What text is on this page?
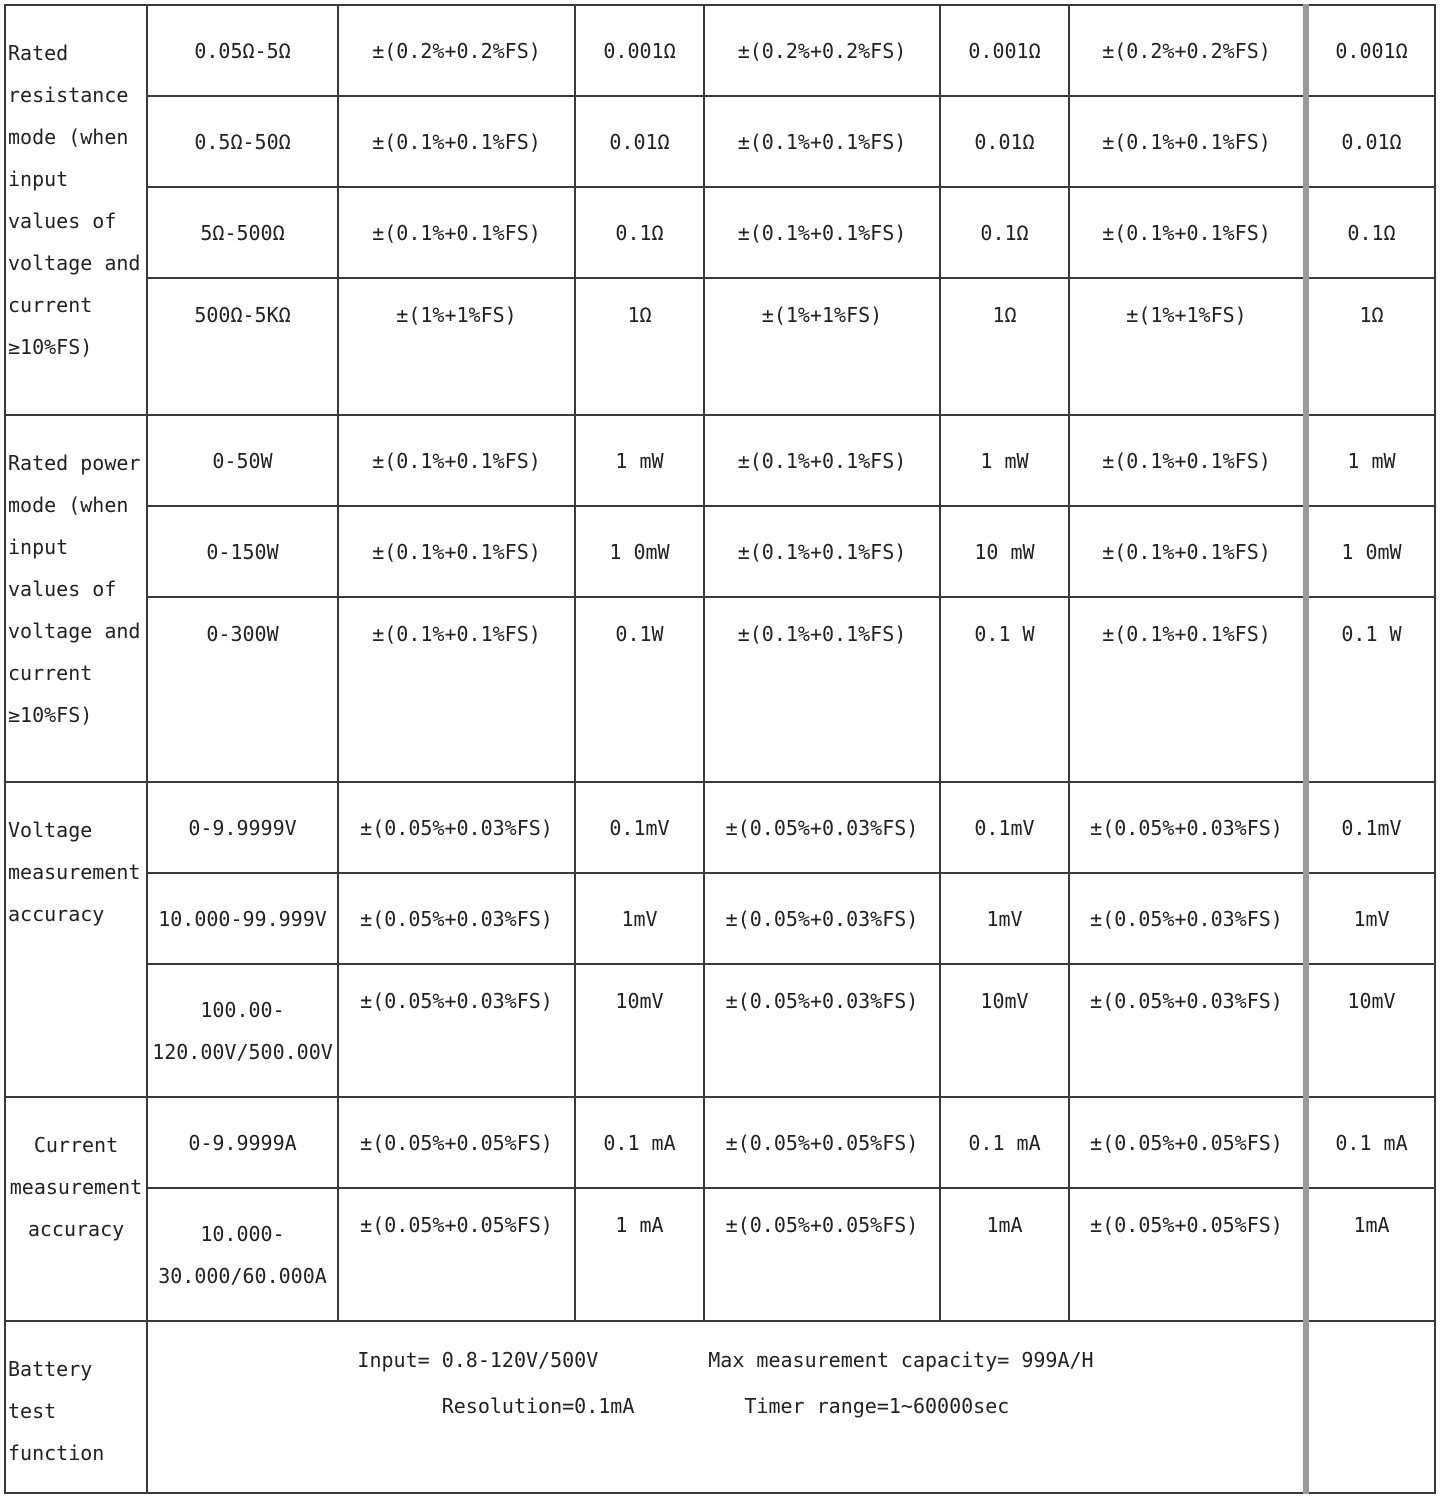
Rated resistance mode (when input values of voltage and current ≥10%FS)	0.05Ω-5Ω	±(0.2%+0.2%FS)	0.001Ω	±(0.2%+0.2%FS)	0.001Ω	±(0.2%+0.2%FS)	0.001Ω
	0.5Ω-50Ω	±(0.1%+0.1%FS)	0.01Ω	±(0.1%+0.1%FS)	0.01Ω	±(0.1%+0.1%FS)	0.01Ω
	5Ω-500Ω	±(0.1%+0.1%FS)	0.1Ω	±(0.1%+0.1%FS)	0.1Ω	±(0.1%+0.1%FS)	0.1Ω
	500Ω-5KΩ	±(1%+1%FS)	1Ω	±(1%+1%FS)	1Ω	±(1%+1%FS)	1Ω
Rated power mode (when input values of voltage and current ≥10%FS)	0-50W	±(0.1%+0.1%FS)	1 mW	±(0.1%+0.1%FS)	1 mW	±(0.1%+0.1%FS)	1 mW
	0-150W	±(0.1%+0.1%FS)	1 0mW	±(0.1%+0.1%FS)	10 mW	±(0.1%+0.1%FS)	1 0mW
	0-300W	±(0.1%+0.1%FS)	0.1W	±(0.1%+0.1%FS)	0.1 W	±(0.1%+0.1%FS)	0.1 W
Voltage measurement accuracy	0-9.9999V	±(0.05%+0.03%FS)	0.1mV	±(0.05%+0.03%FS)	0.1mV	±(0.05%+0.03%FS)	0.1mV
	10.000-99.999V	±(0.05%+0.03%FS)	1mV	±(0.05%+0.03%FS)	1mV	±(0.05%+0.03%FS)	1mV
	100.00-120.00V/500.00V	±(0.05%+0.03%FS)	10mV	±(0.05%+0.03%FS)	10mV	±(0.05%+0.03%FS)	10mV
Current measurement accuracy	0-9.9999A	±(0.05%+0.05%FS)	0.1 mA	±(0.05%+0.05%FS)	0.1 mA	±(0.05%+0.05%FS)	0.1 mA
	10.000-30.000/60.000A	±(0.05%+0.05%FS)	1 mA	±(0.05%+0.05%FS)	1mA	±(0.05%+0.05%FS)	1mA
Battery test function	Input= 0.8-120V/500V Max measurement capacity= 999A/H
Resolution=0.1mA Timer range=1~60000sec						
